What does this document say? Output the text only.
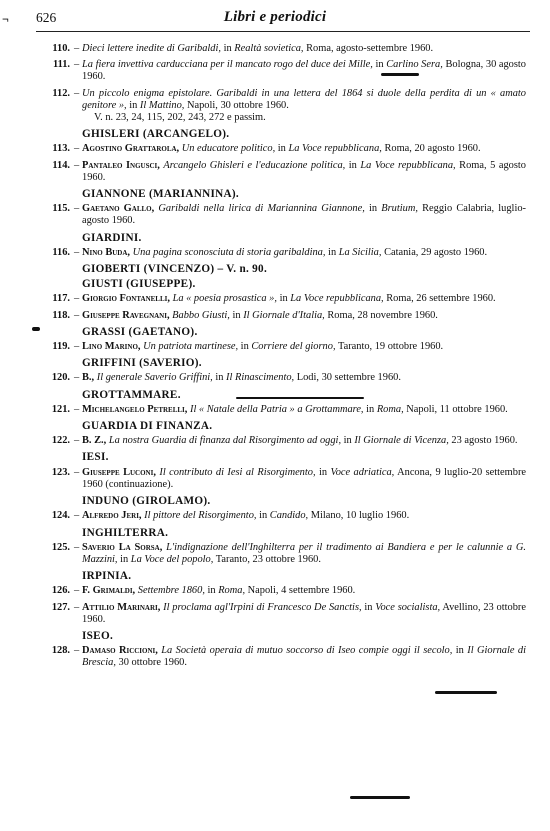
¬ 626	Libri e periodici
110. – Dieci lettere inedite di Garibaldi, in Realtà sovietica, Roma, agosto-settembre 1960.
111. – La fiera invettiva carducciana per il mancato rogo del duce dei Mille, in Carlino Sera, Bologna, 30 agosto 1960.
112. – Un piccolo enigma epistolare. Garibaldi in una lettera del 1864 si duole della perdita di un « amato genitore », in Il Mattino, Napoli, 30 ottobre 1960.
V. n. 23, 24, 115, 202, 243, 272 e passim.
GHISLERI (ARCANGELO).
113. – Agostino Grattarola, Un educatore politico, in La Voce repubblicana, Roma, 20 agosto 1960.
114. – Pantaleo Ingusci, Arcangelo Ghisleri e l'educazione politica, in La Voce repubblicana, Roma, 5 agosto 1960.
GIANNONE (MARIANNINA).
115. – Gaetano Gallo, Garibaldi nella lirica di Mariannina Giannone, in Brutium, Reggio Calabria, luglio-agosto 1960.
GIARDINI.
116. – Nino Buda, Una pagina sconosciuta di storia garibaldina, in La Sicilia, Catania, 29 agosto 1960.
GIOBERTI (VINCENZO) – V. n. 90.
GIUSTI (GIUSEPPE).
117. – Giorgio Fontanelli, La « poesia prosastica », in La Voce repubblicana, Roma, 26 settembre 1960.
118. – Giuseppe Ravegnani, Babbo Giusti, in Il Giornale d'Italia, Roma, 28 novembre 1960.
GRASSI (GAETANO).
119. – Lino Marino, Un patriota martinese, in Corriere del giorno, Taranto, 19 ottobre 1960.
GRIFFINI (SAVERIO).
120. – B., Il generale Saverio Griffini, in Il Rinascimento, Lodi, 30 settembre 1960.
GROTTAMMARE.
121. – Michelangelo Petrelli, Il « Natale della Patria » a Grottammare, in Roma, Napoli, 11 ottobre 1960.
GUARDIA DI FINANZA.
122. – B. Z., La nostra Guardia di finanza dal Risorgimento ad oggi, in Il Giornale di Vicenza, 23 agosto 1960.
IESI.
123. – Giuseppe Luconi, Il contributo di Iesi al Risorgimento, in Voce adriatica, Ancona, 9 luglio-20 settembre 1960 (continuazione).
INDUNO (GIROLAMO).
124. – Alfredo Jeri, Il pittore del Risorgimento, in Candido, Milano, 10 luglio 1960.
INGHILTERRA.
125. – Saverio La Sorsa, L'indignazione dell'Inghilterra per il tradimento ai Bandiera e per le calunnie a G. Mazzini, in La Voce del popolo, Taranto, 23 ottobre 1960.
IRPINIA.
126. – F. Grimaldi, Settembre 1860, in Roma, Napoli, 4 settembre 1960.
127. – Attilio Marinari, Il proclama agl'Irpini di Francesco De Sanctis, in Voce socialista, Avellino, 23 ottobre 1960.
ISEO.
128. – Damaso Riccioni, La Società operaia di mutuo soccorso di Iseo compie oggi il secolo, in Il Giornale di Brescia, 30 ottobre 1960.
